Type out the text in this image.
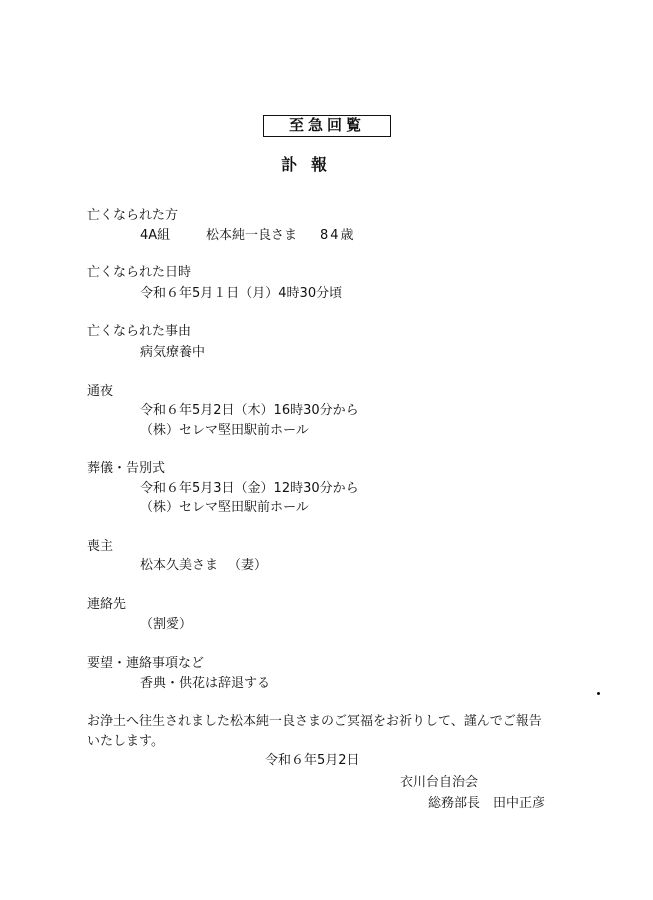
至急回覧
訃報
亡くなられた方
4A組	松本純一良さま 84歳
亡くなられた日時
令和６年5月１日（月）4時30分頃
亡くなられた事由
病気療養中
通夜
令和６年5月2日（木）16時30分から
（株）セレマ堅田駅前ホール
葬儀・告別式
令和６年5月3日（金）12時30分から
（株）セレマ堅田駅前ホール
喪主
松本久美さま （妻）
連絡先
（割愛）
要望・連絡事項など
香典・供花は辞退する
お浄土へ往生されました松本純一良さまのご冥福をお祈りして、謹んでご報告
いたします。
令和６年5月2日
衣川台自治会
総務部長　田中正彦
